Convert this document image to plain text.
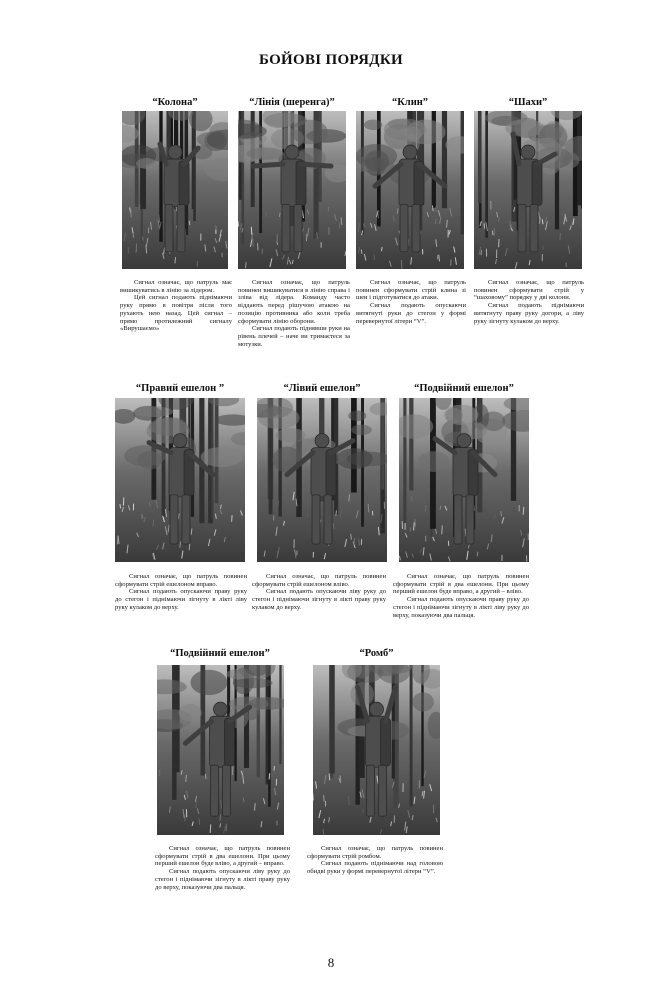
БОЙОВІ ПОРЯДКИ
“Колона”

Сигнал означає, що патруль має вишикуватись в лінію за лідером.

Цей сигнал подають піднімаючи руку прямо в повітря після того рухають нею назад. Цей сигнал – прямо протилежний сигналу «Вирушаємо»

“Лінія (шеренга)”

Сигнал означає, що патруль повинен вишикуватися в лінію справа і зліва від лідера. Команду часто віддають перед рішучою атакою на позицію противника або коли треба сформувати лінію оборони.

Сигнал подають піднявши руки на рівень плечей – наче ви тримаєтеся за мотузки.

“Клин”

Сигнал означає, що патруль повинен сформувати стрій клина зі шеи і підготуватися до атаки.

Сигнал подають опускаючи витягнуті руки до стегон у формі перевернутої літери “V”.

“Шахи”

Сигнал означає, що патруль повинен сформувати стрій у “шаховому” порядку у дві колони.

Сигнал подають піднімаючи витягнуту праву руку догори, а ліву руку зігнуту кулаком до верху.

“Правий ешелон ”

Сигнал означає, що патруль повинен сформувати стрій ешелоном вправо.

Сигнал подають опускаючи праву руку до стегон і піднімаючи зігнуту в лікті ліву руку кулаком до верху.

“Лівий ешелон”

Сигнал означає, що патруль повинен сформувати стрій ешелоном вліво.

Сигнал подають опускаючи ліву руку до стегон і піднімаючи зігнуту в лікті праву руку кулаком до верху.

“Подвійний ешелон”

Сигнал означає, що патруль повинен сформувати стрій в два ешелони. При цьому перший ешелон буде вправо, а другий – вліво.

Сигнал подають опускаючи праву руку до стегон і піднімаючи зігнуту в лікті ліву руку до верху, показуючи два пальця.

“Подвійний ешелон”

Сигнал означає, що патруль повинен сформувати стрій в два ешелони. При цьому перший ешелон буде вліво, а другий – вправо.

Сигнал подають опускаючи ліву руку до стегон і піднімаючи зігнуту в лікті праву руку до верху, показуючи два пальця.

“Ромб”

Сигнал означає, що патруль повинен сформувати стрій ромбом.

Сигнал подають піднімаючи над головою обидві руки у формі перевернутої літери “V”.

8
